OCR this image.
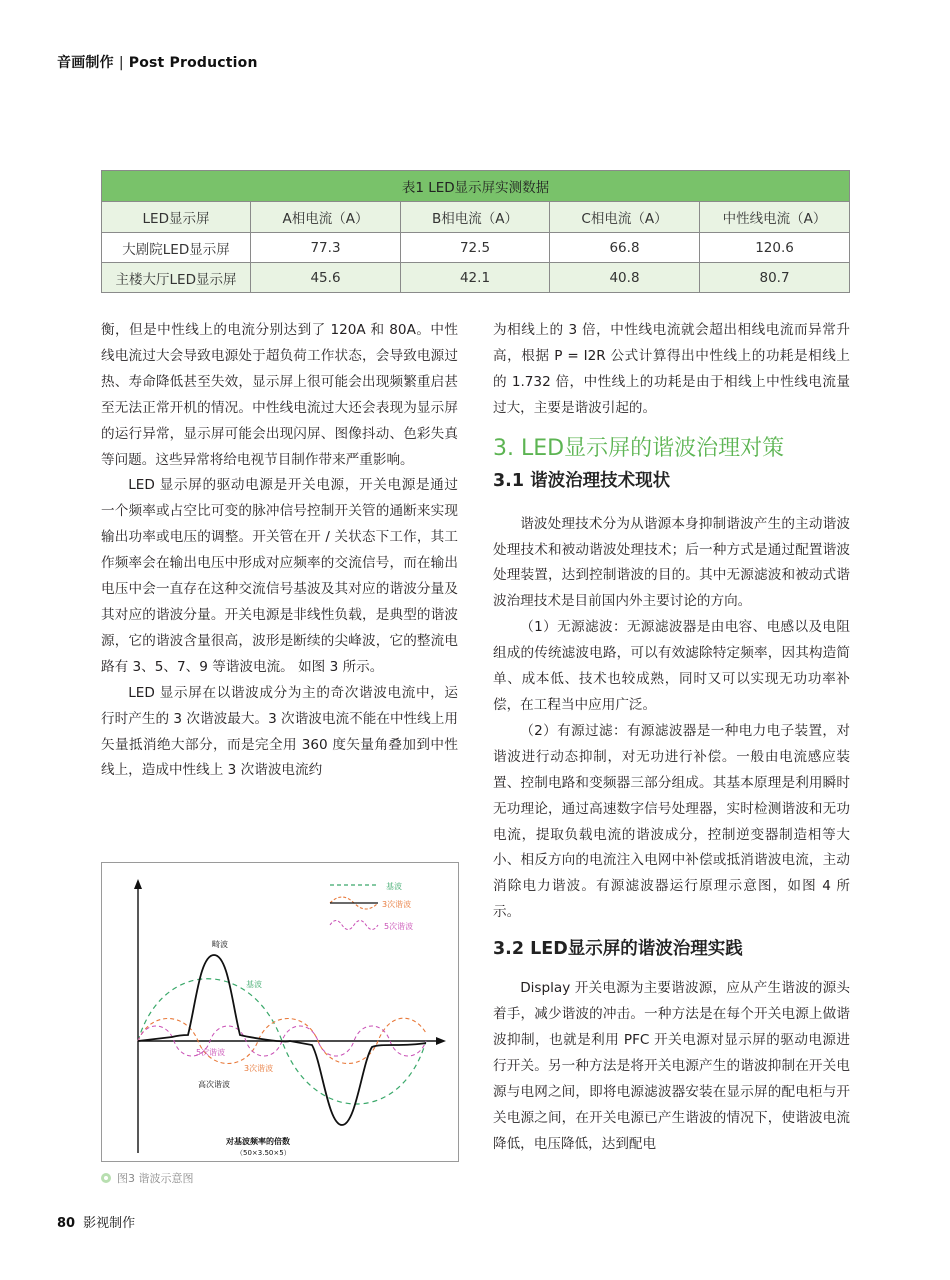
音画制作 | Post Production
表1 LED显示屏实测数据				
LED显示屏	A相电流（A）	B相电流（A）	C相电流（A）	中性线电流（A）
大剧院LED显示屏	77.3	72.5	66.8	120.6
主楼大厅LED显示屏	45.6	42.1	40.8	80.7

衡，但是中性线上的电流分别达到了 120A 和 80A。中性线电流过大会导致电源处于超负荷工作状态，会导致电源过热、寿命降低甚至失效，显示屏上很可能会出现频繁重启甚至无法正常开机的情况。中性线电流过大还会表现为显示屏的运行异常，显示屏可能会出现闪屏、图像抖动、色彩失真等问题。这些异常将给电视节目制作带来严重影响。

LED 显示屏的驱动电源是开关电源，开关电源是通过一个频率或占空比可变的脉冲信号控制开关管的通断来实现输出功率或电压的调整。开关管在开 / 关状态下工作，其工作频率会在输出电压中形成对应频率的交流信号，而在输出电压中会一直存在这种交流信号基波及其对应的谐波分量及其对应的谐波分量。开关电源是非线性负载，是典型的谐波源，它的谐波含量很高，波形是断续的尖峰波，它的整流电路有 3、5、7、9 等谐波电流。 如图 3 所示。

LED 显示屏在以谐波成分为主的奇次谐波电流中，运行时产生的 3 次谐波最大。3 次谐波电流不能在中性线上用矢量抵消绝大部分，而是完全用 360 度矢量角叠加到中性线上，造成中性线上 3 次谐波电流约

基波
3次谐波
5次谐波
畸波
基波
5次谐波
3次谐波
高次谐波
对基波频率的倍数
（50×3.50×5）
图3 谐波示意图

为相线上的 3 倍，中性线电流就会超出相线电流而异常升高，根据 P = I2R 公式计算得出中性线上的功耗是相线上的 1.732 倍，中性线上的功耗是由于相线上中性线电流量过大，主要是谐波引起的。

3. LED显示屏的谐波治理对策
3.1 谐波治理技术现状

谐波处理技术分为从谐源本身抑制谐波产生的主动谐波处理技术和被动谐波处理技术；后一种方式是通过配置谐波处理装置，达到控制谐波的目的。其中无源滤波和被动式谐波治理技术是目前国内外主要讨论的方向。

（1）无源滤波：无源滤波器是由电容、电感以及电阻组成的传统滤波电路，可以有效滤除特定频率，因其构造简单、成本低、技术也较成熟，同时又可以实现无功功率补偿，在工程当中应用广泛。

（2）有源过滤：有源滤波器是一种电力电子装置，对谐波进行动态抑制，对无功进行补偿。一般由电流感应装置、控制电路和变频器三部分组成。其基本原理是利用瞬时无功理论，通过高速数字信号处理器，实时检测谐波和无功电流，提取负载电流的谐波成分，控制逆变器制造相等大小、相反方向的电流注入电网中补偿或抵消谐波电流，主动消除电力谐波。有源滤波器运行原理示意图，如图 4 所示。

3.2 LED显示屏的谐波治理实践

Display 开关电源为主要谐波源，应从产生谐波的源头着手，减少谐波的冲击。一种方法是在每个开关电源上做谐波抑制，也就是利用 PFC 开关电源对显示屏的驱动电源进行开关。另一种方法是将开关电源产生的谐波抑制在开关电源与电网之间，即将电源滤波器安装在显示屏的配电柜与开关电源之间，在开关电源已产生谐波的情况下，使谐波电流降低，电压降低，达到配电

80 影视制作
